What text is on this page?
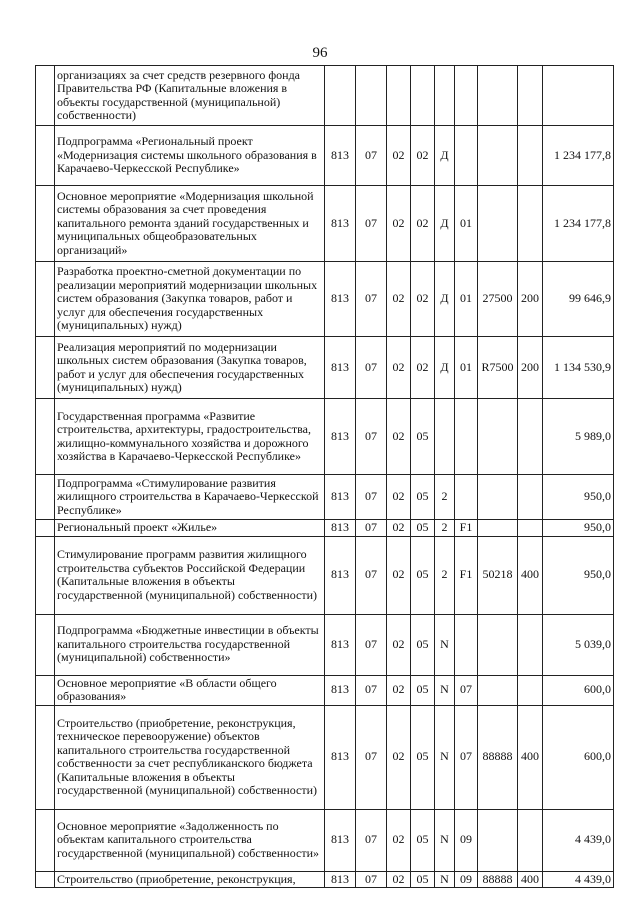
96
	организациях за счет средств резервного фонда Правительства РФ (Капитальные вложения в объекты государственной (муниципальной) собственности)									
	Подпрограмма «Региональный проект «Модернизация системы школьного образования в Карачаево-Черкесской Республике»	813	07	02	02	Д				1 234 177,8
	Основное мероприятие «Модернизация школьной системы образования за счет проведения капитального ремонта зданий государственных и муниципальных общеобразовательных организаций»	813	07	02	02	Д	01			1 234 177,8
	Разработка проектно-сметной документации по реализации мероприятий модернизации школьных систем образования (Закупка товаров, работ и услуг для обеспечения государственных (муниципальных) нужд)	813	07	02	02	Д	01	27500	200	99 646,9
	Реализация мероприятий по модернизации школьных систем образования (Закупка товаров, работ и услуг для обеспечения государственных (муниципальных) нужд)	813	07	02	02	Д	01	R7500	200	1 134 530,9
	Государственная программа «Развитие строительства, архитектуры, градостроительства, жилищно-коммунального хозяйства и дорожного хозяйства в Карачаево-Черкесской Республике»	813	07	02	05					5 989,0
	Подпрограмма «Стимулирование развития жилищного строительства в Карачаево-Черкесской Республике»	813	07	02	05	2				950,0
	Региональный проект «Жилье»	813	07	02	05	2	F1			950,0
	Стимулирование программ развития жилищного строительства субъектов Российской Федерации (Капитальные вложения в объекты государственной (муниципальной) собственности)	813	07	02	05	2	F1	50218	400	950,0
	Подпрограмма «Бюджетные инвестиции в объекты капитального строительства государственной (муниципальной) собственности»	813	07	02	05	N				5 039,0
	Основное мероприятие «В области общего образования»	813	07	02	05	N	07			600,0
	Строительство (приобретение, реконструкция, техническое перевооружение) объектов капитального строительства государственной собственности за счет республиканского бюджета (Капитальные вложения в объекты государственной (муниципальной) собственности)	813	07	02	05	N	07	88888	400	600,0
	Основное мероприятие «Задолженность по объектам капитального строительства государственной (муниципальной) собственности»	813	07	02	05	N	09			4 439,0
	Строительство (приобретение, реконструкция,	813	07	02	05	N	09	88888	400	4 439,0
